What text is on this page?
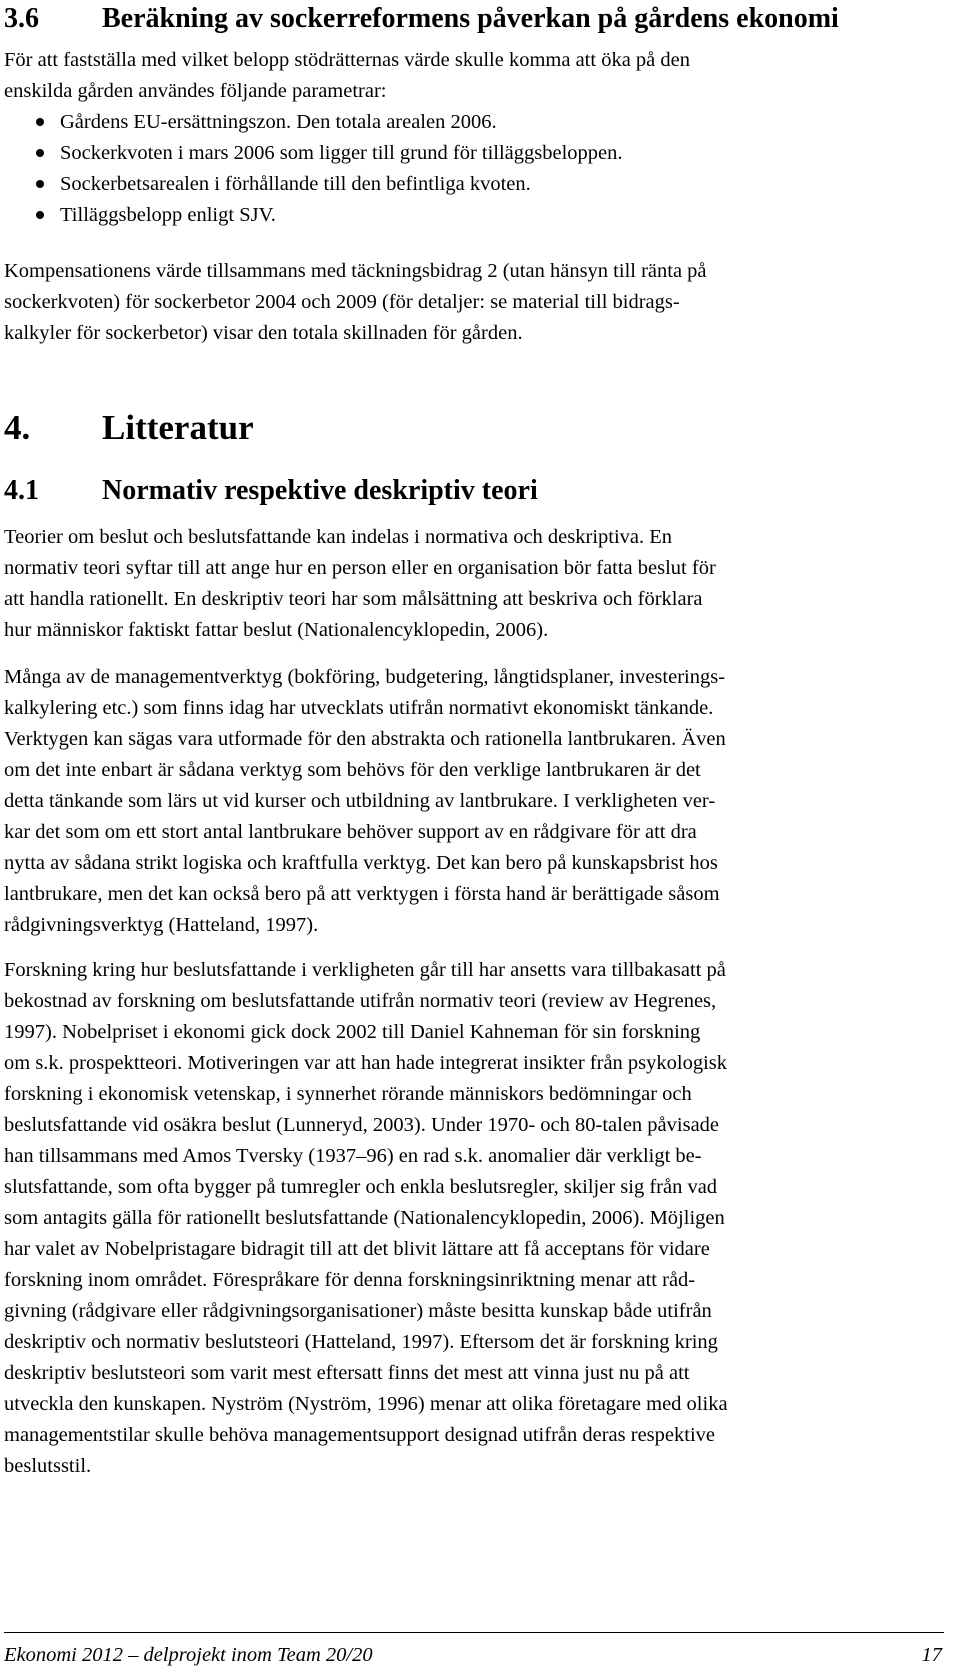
3.6 Beräkning av sockerreformens påverkan på gårdens ekonomi

För att fastställa med vilket belopp stödrätternas värde skulle komma att öka på den
enskilda gården användes följande parametrar:

Gårdens EU-ersättningszon. Den totala arealen 2006.
Sockerkvoten i mars 2006 som ligger till grund för tilläggsbeloppen.
Sockerbetsarealen i förhållande till den befintliga kvoten.
Tilläggsbelopp enligt SJV.

Kompensationens värde tillsammans med täckningsbidrag 2 (utan hänsyn till ränta på
sockerkvoten) för sockerbetor 2004 och 2009 (för detaljer: se material till bidrags-
kalkyler för sockerbetor) visar den totala skillnaden för gården.

4. Litteratur
4.1 Normativ respektive deskriptiv teori

Teorier om beslut och beslutsfattande kan indelas i normativa och deskriptiva. En
normativ teori syftar till att ange hur en person eller en organisation bör fatta beslut för
att handla rationellt. En deskriptiv teori har som målsättning att beskriva och förklara
hur människor faktiskt fattar beslut (Nationalencyklopedin, 2006).

Många av de managementverktyg (bokföring, budgetering, långtidsplaner, investerings-
kalkylering etc.) som finns idag har utvecklats utifrån normativt ekonomiskt tänkande.
Verktygen kan sägas vara utformade för den abstrakta och rationella lantbrukaren. Även
om det inte enbart är sådana verktyg som behövs för den verklige lantbrukaren är det
detta tänkande som lärs ut vid kurser och utbildning av lantbrukare. I verkligheten ver-
kar det som om ett stort antal lantbrukare behöver support av en rådgivare för att dra
nytta av sådana strikt logiska och kraftfulla verktyg. Det kan bero på kunskapsbrist hos
lantbrukare, men det kan också bero på att verktygen i första hand är berättigade såsom
rådgivningsverktyg (Hatteland, 1997).

Forskning kring hur beslutsfattande i verkligheten går till har ansetts vara tillbakasatt på
bekostnad av forskning om beslutsfattande utifrån normativ teori (review av Hegrenes,
1997). Nobelpriset i ekonomi gick dock 2002 till Daniel Kahneman för sin forskning
om s.k. prospektteori. Motiveringen var att han hade integrerat insikter från psykologisk
forskning i ekonomisk vetenskap, i synnerhet rörande människors bedömningar och
beslutsfattande vid osäkra beslut (Lunneryd, 2003). Under 1970- och 80-talen påvisade
han tillsammans med Amos Tversky (1937–96) en rad s.k. anomalier där verkligt be-
slutsfattande, som ofta bygger på tumregler och enkla beslutsregler, skiljer sig från vad
som antagits gälla för rationellt beslutsfattande (Nationalencyklopedin, 2006). Möjligen
har valet av Nobelpristagare bidragit till att det blivit lättare att få acceptans för vidare
forskning inom området. Förespråkare för denna forskningsinriktning menar att råd-
givning (rådgivare eller rådgivningsorganisationer) måste besitta kunskap både utifrån
deskriptiv och normativ beslutsteori (Hatteland, 1997). Eftersom det är forskning kring
deskriptiv beslutsteori som varit mest eftersatt finns det mest att vinna just nu på att
utveckla den kunskapen. Nyström (Nyström, 1996) menar att olika företagare med olika
managementstilar skulle behöva managementsupport designad utifrån deras respektive
beslutsstil.

Ekonomi 2012 – delprojekt inom Team 20/20	17
